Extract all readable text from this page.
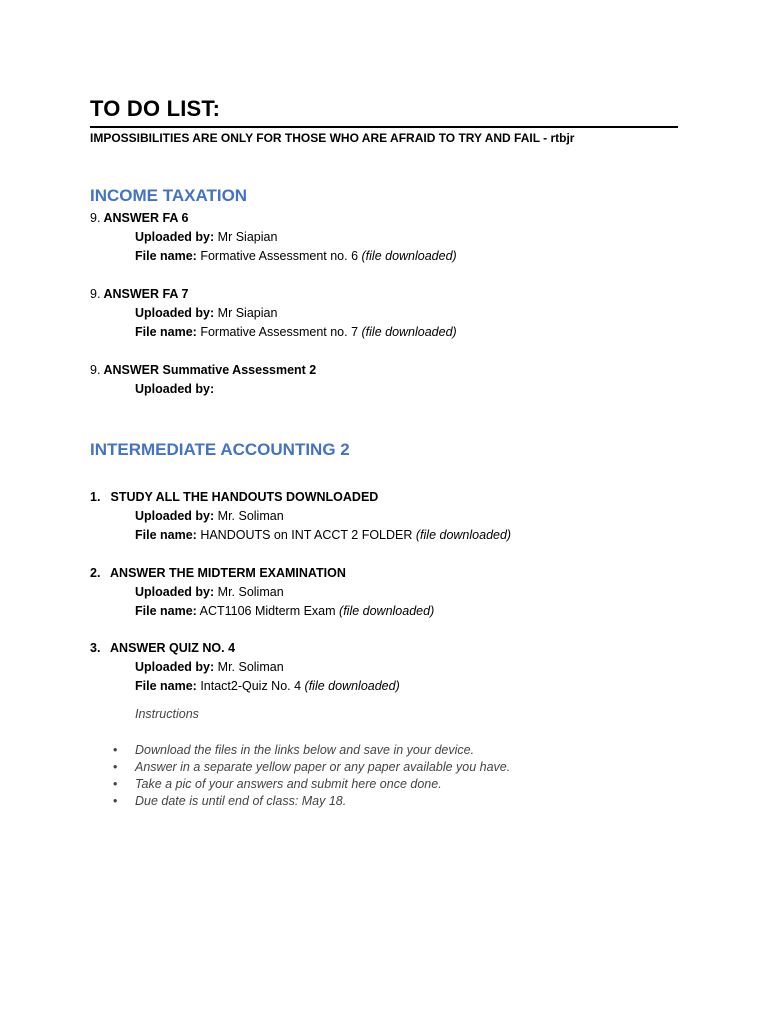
TO DO LIST:
IMPOSSIBILITIES ARE ONLY FOR THOSE WHO ARE AFRAID TO TRY AND FAIL - rtbjr
INCOME TAXATION
9. ANSWER FA 6
Uploaded by: Mr Siapian
File name: Formative Assessment no. 6 (file downloaded)
9. ANSWER FA 7
Uploaded by: Mr Siapian
File name: Formative Assessment no. 7 (file downloaded)
9. ANSWER Summative Assessment 2
Uploaded by:
INTERMEDIATE ACCOUNTING 2
1. STUDY ALL THE HANDOUTS DOWNLOADED
Uploaded by: Mr. Soliman
File name: HANDOUTS on INT ACCT 2 FOLDER (file downloaded)
2. ANSWER THE MIDTERM EXAMINATION
Uploaded by: Mr. Soliman
File name: ACT1106 Midterm Exam (file downloaded)
3. ANSWER QUIZ NO. 4
Uploaded by: Mr. Soliman
File name: Intact2-Quiz No. 4 (file downloaded)
Instructions
• Download the files in the links below and save in your device.
• Answer in a separate yellow paper or any paper available you have.
• Take a pic of your answers and submit here once done.
• Due date is until end of class: May 18.
